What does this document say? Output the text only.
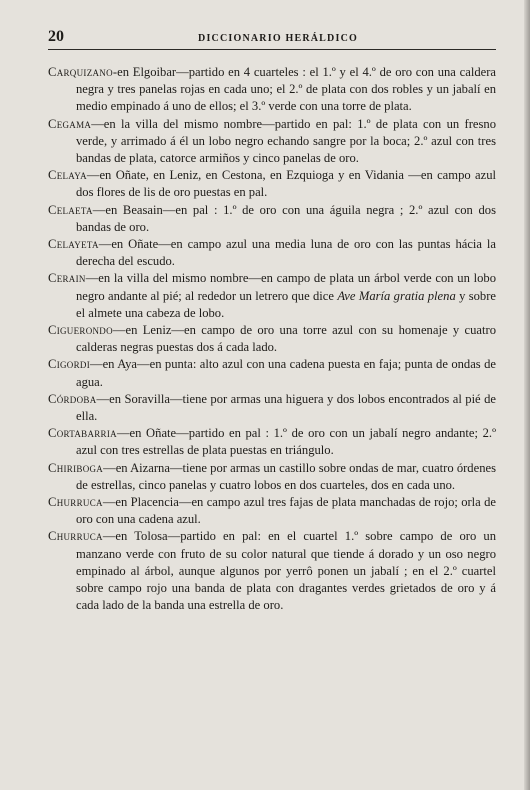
20	DICCIONARIO HERÁLDICO

Carquizano-en Elgoibar—partido en 4 cuarteles : el 1.º y el 4.º de oro con una caldera negra y tres panelas rojas en cada uno; el 2.º de plata con dos robles y un jabalí en medio empinado á uno de ellos; el 3.º verde con una torre de plata.

Cegama—en la villa del mismo nombre—partido en pal: 1.º de plata con un fresno verde, y arrimado á él un lobo negro echando sangre por la boca; 2.º azul con tres bandas de plata, catorce armiños y cinco panelas de oro.

Celaya—en Oñate, en Leniz, en Cestona, en Ezquioga y en Vidania —en campo azul dos flores de lis de oro puestas en pal.

Celaeta—en Beasain—en pal : 1.º de oro con una águila negra ; 2.º azul con dos bandas de oro.

Celayeta—en Oñate—en campo azul una media luna de oro con las puntas hácia la derecha del escudo.

Cerain—en la villa del mismo nombre—en campo de plata un árbol verde con un lobo negro andante al pié; al rededor un letrero que dice Ave María gratia plena y sobre el almete una cabeza de lobo.

Ciguerondo—en Leniz—en campo de oro una torre azul con su homenaje y cuatro calderas negras puestas dos á cada lado.

Cigordi—en Aya—en punta: alto azul con una cadena puesta en faja; punta de ondas de agua.

Córdoba—en Soravilla—tiene por armas una higuera y dos lobos encontrados al pié de ella.

Cortabarria—en Oñate—partido en pal : 1.º de oro con un jabalí negro andante; 2.º azul con tres estrellas de plata puestas en triángulo.

Chiriboga—en Aizarna—tiene por armas un castillo sobre ondas de mar, cuatro órdenes de estrellas, cinco panelas y cuatro lobos en dos cuarteles, dos en cada uno.

Churruca—en Placencia—en campo azul tres fajas de plata manchadas de rojo; orla de oro con una cadena azul.

Churruca—en Tolosa—partido en pal: en el cuartel 1.º sobre campo de oro un manzano verde con fruto de su color natural que tiende á dorado y un oso negro empinado al árbol, aunque algunos por yerrô ponen un jabalí ; en el 2.º cuartel sobre campo rojo una banda de plata con dragantes verdes grietados de oro y á cada lado de la banda una estrella de oro.
